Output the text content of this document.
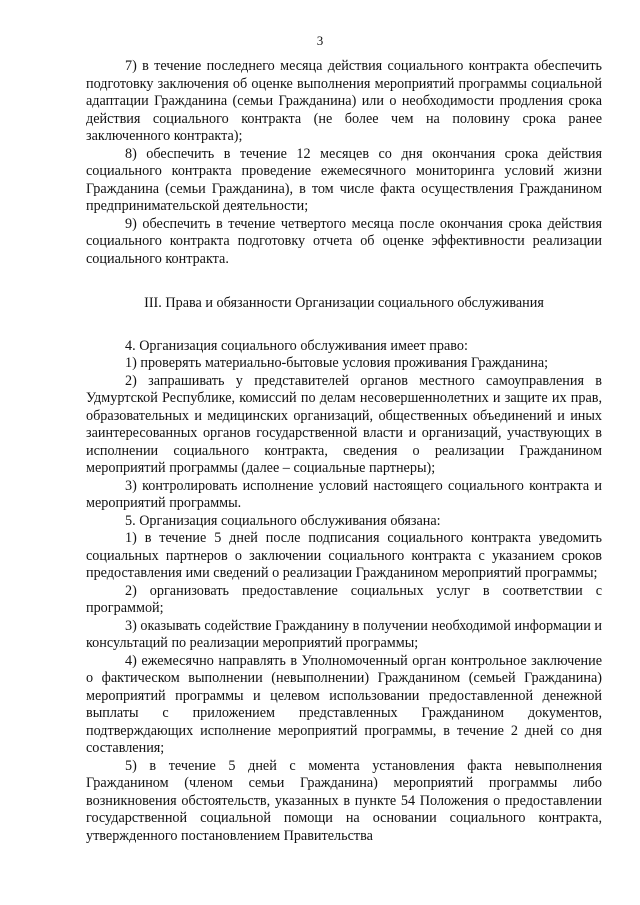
3

7) в течение последнего месяца действия социального контракта обеспечить подготовку заключения об оценке выполнения мероприятий программы социальной адаптации Гражданина (семьи Гражданина) или о необходимости продления срока действия социального контракта (не более чем на половину срока ранее заключенного контракта);

8) обеспечить в течение 12 месяцев со дня окончания срока действия социального контракта проведение ежемесячного мониторинга условий жизни Гражданина (семьи Гражданина), в том числе факта осуществления Гражданином предпринимательской деятельности;

9) обеспечить в течение четвертого месяца после окончания срока действия социального контракта подготовку отчета об оценке эффективности реализации социального контракта.

III. Права и обязанности Организации социального обслуживания

4. Организация социального обслуживания имеет право:

1) проверять материально-бытовые условия проживания Гражданина;

2) запрашивать у представителей органов местного самоуправления в Удмуртской Республике, комиссий по делам несовершеннолетних и защите их прав, образовательных и медицинских организаций, общественных объединений и иных заинтересованных органов государственной власти и организаций, участвующих в исполнении социального контракта, сведения о реализации Гражданином мероприятий программы (далее – социальные партнеры);

3) контролировать исполнение условий настоящего социального контракта и мероприятий программы.

5. Организация социального обслуживания обязана:

1) в течение 5 дней после подписания социального контракта уведомить социальных партнеров о заключении социального контракта с указанием сроков предоставления ими сведений о реализации Гражданином мероприятий программы;

2) организовать предоставление социальных услуг в соответствии с программой;

3) оказывать содействие Гражданину в получении необходимой информации и консультаций по реализации мероприятий программы;

4) ежемесячно направлять в Уполномоченный орган контрольное заключение о фактическом выполнении (невыполнении) Гражданином (семьей Гражданина) мероприятий программы и целевом использовании предоставленной денежной выплаты с приложением представленных Гражданином документов, подтверждающих исполнение мероприятий программы, в течение 2 дней со дня составления;

5) в течение 5 дней с момента установления факта невыполнения Гражданином (членом семьи Гражданина) мероприятий программы либо возникновения обстоятельств, указанных в пункте 54 Положения о предоставлении государственной социальной помощи на основании социального контракта, утвержденного постановлением Правительства
